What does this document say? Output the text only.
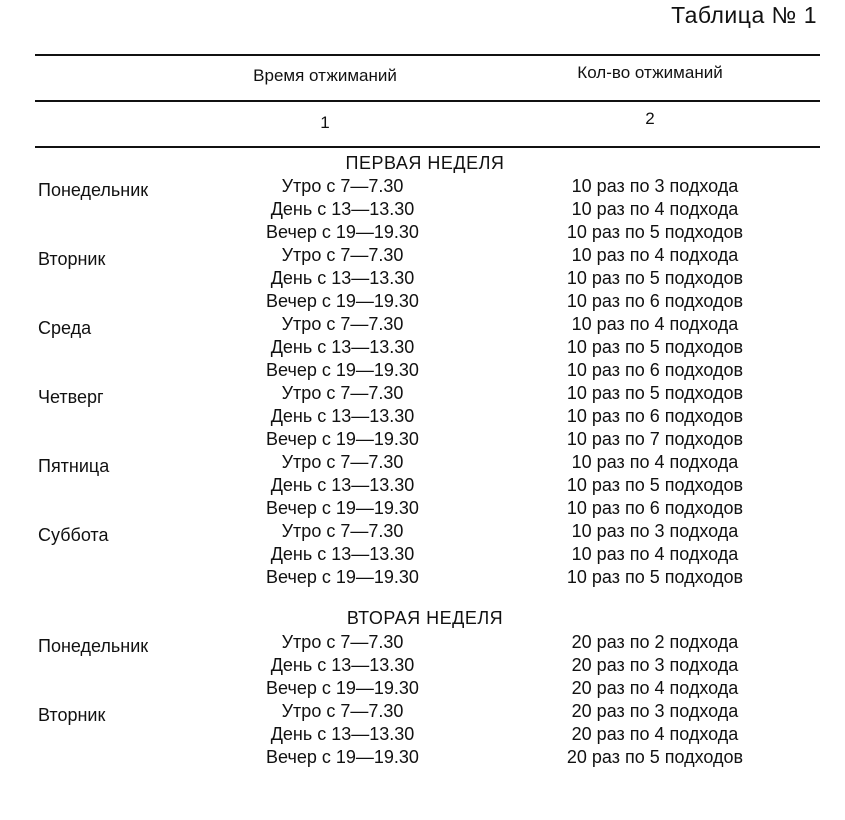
Таблица № 1
Время отжиманий	Кол-во отжиманий
1	2
ПЕРВАЯ НЕДЕЛЯ
Понедельник	Утро с 7—7.30	10 раз по 3 подхода
День с 13—13.30	10 раз по 4 подхода
Вечер с 19—19.30	10 раз по 5 подходов
Вторник	Утро с 7—7.30	10 раз по 4 подхода
День с 13—13.30	10 раз по 5 подходов
Вечер с 19—19.30	10 раз по 6 подходов
Среда	Утро с 7—7.30	10 раз по 4 подхода
День с 13—13.30	10 раз по 5 подходов
Вечер с 19—19.30	10 раз по 6 подходов
Четверг	Утро с 7—7.30	10 раз по 5 подходов
День с 13—13.30	10 раз по 6 подходов
Вечер с 19—19.30	10 раз по 7 подходов
Пятница	Утро с 7—7.30	10 раз по 4 подхода
День с 13—13.30	10 раз по 5 подходов
Вечер с 19—19.30	10 раз по 6 подходов
Суббота	Утро с 7—7.30	10 раз по 3 подхода
День с 13—13.30	10 раз по 4 подхода
Вечер с 19—19.30	10 раз по 5 подходов
ВТОРАЯ НЕДЕЛЯ
Понедельник	Утро с 7—7.30	20 раз по 2 подхода
День с 13—13.30	20 раз по 3 подхода
Вечер с 19—19.30	20 раз по 4 подхода
Вторник	Утро с 7—7.30	20 раз по 3 подхода
День с 13—13.30	20 раз по 4 подхода
Вечер с 19—19.30	20 раз по 5 подходов
